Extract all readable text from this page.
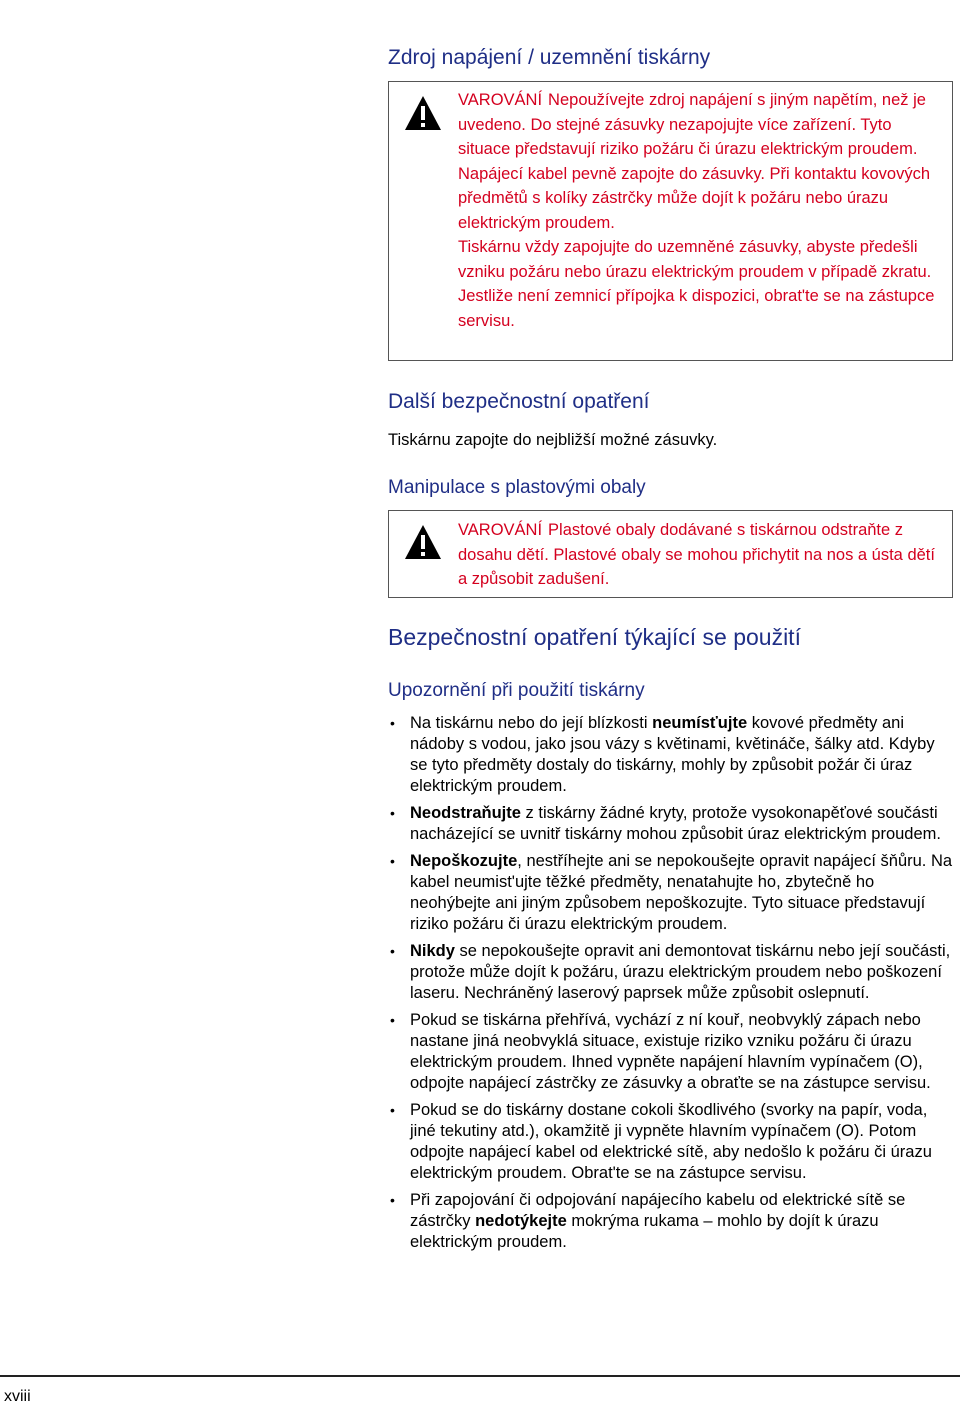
Zdroj napájení / uzemnění tiskárny

VAROVÁNÍ Nepoužívejte zdroj napájení s jiným napětím, než je uvedeno. Do stejné zásuvky nezapojujte více zařízení. Tyto situace představují riziko požáru či úrazu elektrickým proudem.

Napájecí kabel pevně zapojte do zásuvky. Při kontaktu kovových předmětů s kolíky zástrčky může dojít k požáru nebo úrazu elektrickým proudem.

Tiskárnu vždy zapojujte do uzemněné zásuvky, abyste předešli vzniku požáru nebo úrazu elektrickým proudem v případě zkratu. Jestliže není zemnicí přípojka k dispozici, obrat'te se na zástupce servisu.

Další bezpečnostní opatření
Tiskárnu zapojte do nejbližší možné zásuvky.
Manipulace s plastovými obaly

VAROVÁNÍ Plastové obaly dodávané s tiskárnou odstraňte z dosahu dětí. Plastové obaly se mohou přichytit na nos a ústa dětí a způsobit zadušení.

Bezpečnostní opatření týkající se použití
Upozornění při použití tiskárny
• Na tiskárnu nebo do její blízkosti neumísťujte kovové předměty ani nádoby s vodou, jako jsou vázy s květinami, květináče, šálky atd. Kdyby se tyto předměty dostaly do tiskárny, mohly by způsobit požár či úraz elektrickým proudem.
• Neodstraňujte z tiskárny žádné kryty, protože vysokonapěťové součásti nacházející se uvnitř tiskárny mohou způsobit úraz elektrickým proudem.
• Nepoškozujte, nestříhejte ani se nepokoušejte opravit napájecí šňůru. Na kabel neumist'ujte těžké předměty, nenatahujte ho, zbytečně ho neohýbejte ani jiným způsobem nepoškozujte. Tyto situace představují riziko požáru či úrazu elektrickým proudem.
• Nikdy se nepokoušejte opravit ani demontovat tiskárnu nebo její součásti, protože může dojít k požáru, úrazu elektrickým proudem nebo poškození laseru. Nechráněný laserový paprsek může způsobit oslepnutí.
• Pokud se tiskárna přehřívá, vychází z ní kouř, neobvyklý zápach nebo nastane jiná neobvyklá situace, existuje riziko vzniku požáru či úrazu elektrickým proudem. Ihned vypněte napájení hlavním vypínačem (O), odpojte napájecí zástrčky ze zásuvky a obraťte se na zástupce servisu.
• Pokud se do tiskárny dostane cokoli škodlivého (svorky na papír, voda, jiné tekutiny atd.), okamžitě ji vypněte hlavním vypínačem (O). Potom odpojte napájecí kabel od elektrické sítě, aby nedošlo k požáru či úrazu elektrickým proudem. Obrat'te se na zástupce servisu.
• Při zapojování či odpojování napájecího kabelu od elektrické sítě se zástrčky nedotýkejte mokrýma rukama – mohlo by dojít k úrazu elektrickým proudem.
xviii
